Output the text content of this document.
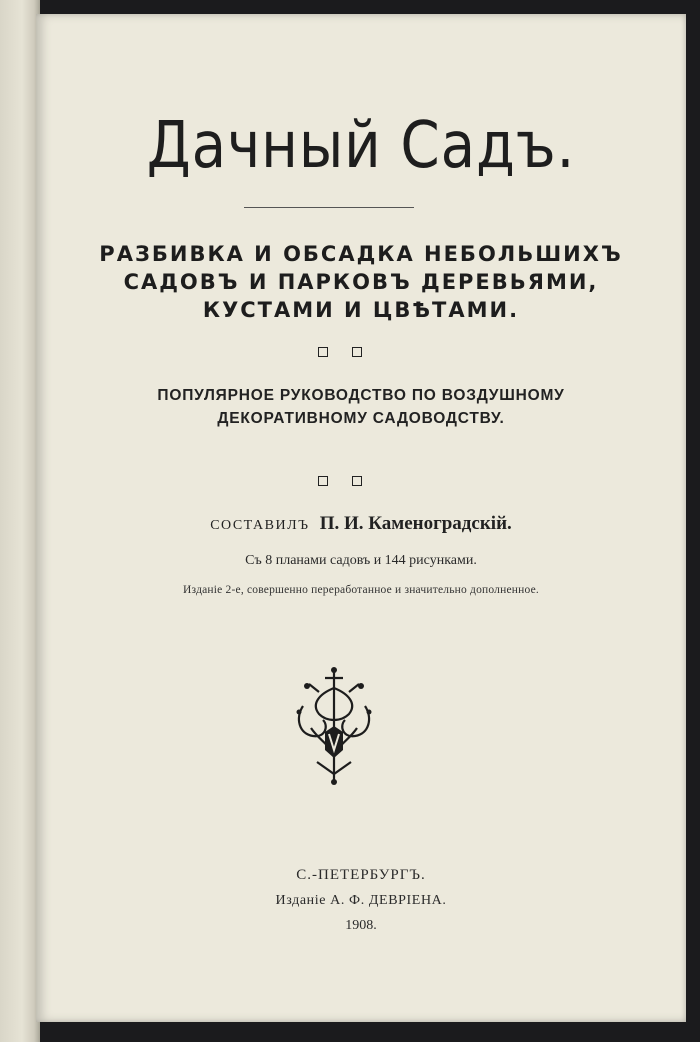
Дачный Садъ.
РАЗБИВКА И ОБСАДКА НЕБОЛЬШИХЪ САДОВЪ И ПАРКОВЪ ДЕРЕВЬЯМИ, КУСТАМИ И ЦВѢТАМИ.
ПОПУЛЯРНОЕ РУКОВОДСТВО ПО ВОЗДУШНОМУ ДЕКОРАТИВНОМУ САДОВОДСТВУ.
СОСТАВИЛЪ П. И. Каменоградскій.
Съ 8 планами садовъ и 144 рисунками.
Изданіе 2-е, совершенно переработанное и значительно дополненное.
С.-ПЕТЕРБУРГЪ.
Изданіе А. Ф. ДЕВРІЕНА.
1908.
